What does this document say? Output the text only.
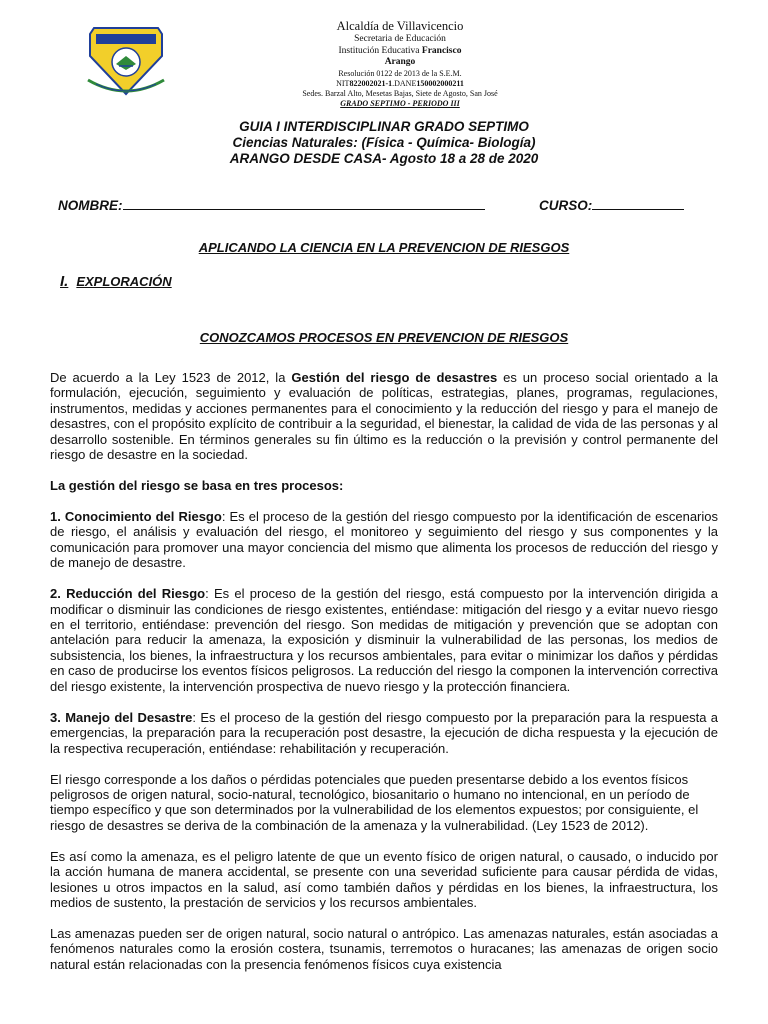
Alcaldía de Villavicencio
Secretaria de Educación
Institución Educativa Francisco
Arango
Resolución 0122 de 2013 de la S.E.M.
NIT822002021-1.DANE150002000211
Sedes. Barzal Alto, Mesetas Bajas, Siete de Agosto, San José
GRADO SEPTIMO - PERIODO III
GUIA I INTERDISCIPLINAR GRADO SEPTIMO
Ciencias Naturales: (Física - Química- Biología)
ARANGO DESDE CASA- Agosto 18 a 28 de 2020
NOMBRE:	CURSO:
APLICANDO LA CIENCIA EN LA PREVENCION DE RIESGOS
I. EXPLORACIÓN
CONOZCAMOS PROCESOS EN PREVENCION DE RIESGOS

De acuerdo a la Ley 1523 de 2012, la Gestión del riesgo de desastres es un proceso social orientado a la formulación, ejecución, seguimiento y evaluación de políticas, estrategias, planes, programas, regulaciones, instrumentos, medidas y acciones permanentes para el conocimiento y la reducción del riesgo y para el manejo de desastres, con el propósito explícito de contribuir a la seguridad, el bienestar, la calidad de vida de las personas y al desarrollo sostenible. En términos generales su fin último es la reducción o la previsión y control permanente del riesgo de desastre en la sociedad.

La gestión del riesgo se basa en tres procesos:

1. Conocimiento del Riesgo: Es el proceso de la gestión del riesgo compuesto por la identificación de escenarios de riesgo, el análisis y evaluación del riesgo, el monitoreo y seguimiento del riesgo y sus componentes y la comunicación para promover una mayor conciencia del mismo que alimenta los procesos de reducción del riesgo y de manejo de desastre.

2. Reducción del Riesgo: Es el proceso de la gestión del riesgo, está compuesto por la intervención dirigida a modificar o disminuir las condiciones de riesgo existentes, entiéndase: mitigación del riesgo y a evitar nuevo riesgo en el territorio, entiéndase: prevención del riesgo. Son medidas de mitigación y prevención que se adoptan con antelación para reducir la amenaza, la exposición y disminuir la vulnerabilidad de las personas, los medios de subsistencia, los bienes, la infraestructura y los recursos ambientales, para evitar o minimizar los daños y pérdidas en caso de producirse los eventos físicos peligrosos. La reducción del riesgo la componen la intervención correctiva del riesgo existente, la intervención prospectiva de nuevo riesgo y la protección financiera.

3. Manejo del Desastre: Es el proceso de la gestión del riesgo compuesto por la preparación para la respuesta a emergencias, la preparación para la recuperación post desastre, la ejecución de dicha respuesta y la ejecución de la respectiva recuperación, entiéndase: rehabilitación y recuperación.

El riesgo corresponde a los daños o pérdidas potenciales que pueden presentarse debido a los eventos físicos peligrosos de origen natural, socio-natural, tecnológico, biosanitario o humano no intencional, en un período de tiempo específico y que son determinados por la vulnerabilidad de los elementos expuestos; por consiguiente, el riesgo de desastres se deriva de la combinación de la amenaza y la vulnerabilidad. (Ley 1523 de 2012).

Es así como la amenaza, es el peligro latente de que un evento físico de origen natural, o causado, o inducido por la acción humana de manera accidental, se presente con una severidad suficiente para causar pérdida de vidas, lesiones u otros impactos en la salud, así como también daños y pérdidas en los bienes, la infraestructura, los medios de sustento, la prestación de servicios y los recursos ambientales.

Las amenazas pueden ser de origen natural, socio natural o antrópico. Las amenazas naturales, están asociadas a fenómenos naturales como la erosión costera, tsunamis, terremotos o huracanes; las amenazas de origen socio natural están relacionadas con la presencia fenómenos físicos cuya existencia
